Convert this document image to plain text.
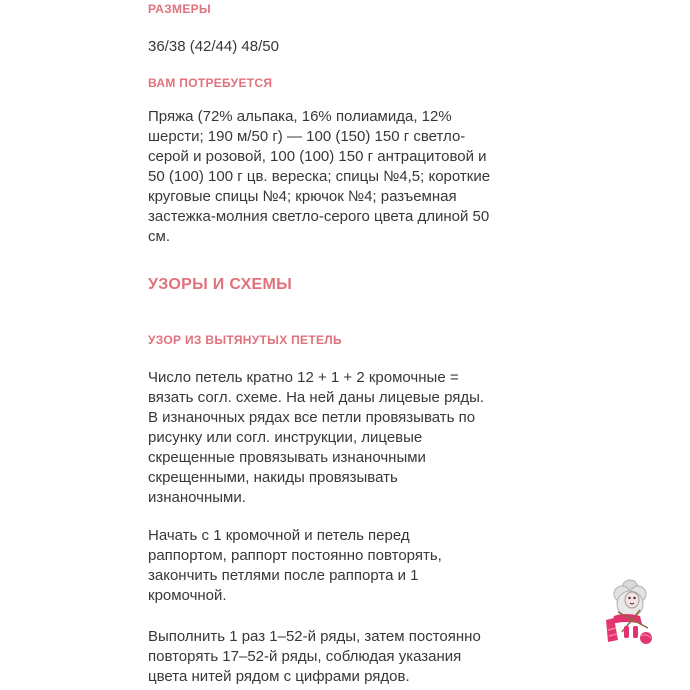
РАЗМЕРЫ
36/38 (42/44) 48/50
ВАМ ПОТРЕБУЕТСЯ
Пряжа (72% альпака, 16% полиамида, 12%
шерсти; 190 м/50 г) — 100 (150) 150 г светло-
серой и розовой, 100 (100) 150 г антрацитовой и
50 (100) 100 г цв. вереска; спицы №4,5; короткие
круговые спицы №4; крючок №4; разъемная
застежка-молния светло-серого цвета длиной 50
см.
УЗОРЫ И СХЕМЫ
УЗОР ИЗ ВЫТЯНУТЫХ ПЕТЕЛЬ
Число петель кратно 12 + 1 + 2 кромочные =
вязать согл. схеме. На ней даны лицевые ряды.
В изнаночных рядах все петли провязывать по
рисунку или согл. инструкции, лицевые
скрещенные провязывать изнаночными
скрещенными, накиды провязывать
изнаночными.
Начать с 1 кромочной и петель перед
раппортом, раппорт постоянно повторять,
закончить петлями после раппорта и 1
кромочной.
Выполнить 1 раз 1–52-й ряды, затем постоянно
повторять 17–52-й ряды, соблюдая указания
цвета нитей рядом с цифрами рядов.
